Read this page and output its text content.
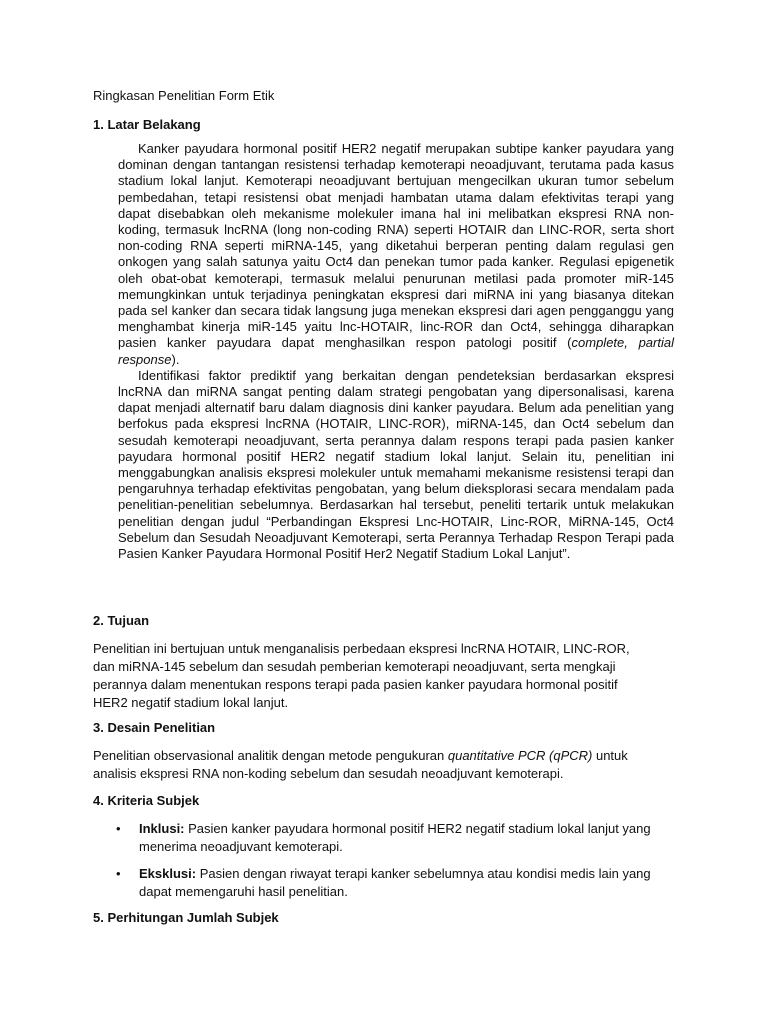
Ringkasan Penelitian Form Etik
1. Latar Belakang

Kanker payudara hormonal positif HER2 negatif merupakan subtipe kanker payudara yang dominan dengan tantangan resistensi terhadap kemoterapi neoadjuvant, terutama pada kasus stadium lokal lanjut. Kemoterapi neoadjuvant bertujuan mengecilkan ukuran tumor sebelum pembedahan, tetapi resistensi obat menjadi hambatan utama dalam efektivitas terapi yang dapat disebabkan oleh mekanisme molekuler imana hal ini melibatkan ekspresi RNA non-koding, termasuk lncRNA (long non-coding RNA) seperti HOTAIR dan LINC-ROR, serta short non-coding RNA seperti miRNA-145, yang diketahui berperan penting dalam regulasi gen onkogen yang salah satunya yaitu Oct4 dan penekan tumor pada kanker. Regulasi epigenetik oleh obat-obat kemoterapi, termasuk melalui penurunan metilasi pada promoter miR-145 memungkinkan untuk terjadinya peningkatan ekspresi dari miRNA ini yang biasanya ditekan pada sel kanker dan secara tidak langsung juga menekan ekspresi dari agen pengganggu yang menghambat kinerja miR-145 yaitu lnc-HOTAIR, linc-ROR dan Oct4, sehingga diharapkan pasien kanker payudara dapat menghasilkan respon patologi positif (complete, partial response).

Identifikasi faktor prediktif yang berkaitan dengan pendeteksian berdasarkan ekspresi lncRNA dan miRNA sangat penting dalam strategi pengobatan yang dipersonalisasi, karena dapat menjadi alternatif baru dalam diagnosis dini kanker payudara. Belum ada penelitian yang berfokus pada ekspresi lncRNA (HOTAIR, LINC-ROR), miRNA-145, dan Oct4 sebelum dan sesudah kemoterapi neoadjuvant, serta perannya dalam respons terapi pada pasien kanker payudara hormonal positif HER2 negatif stadium lokal lanjut. Selain itu, penelitian ini menggabungkan analisis ekspresi molekuler untuk memahami mekanisme resistensi terapi dan pengaruhnya terhadap efektivitas pengobatan, yang belum dieksplorasi secara mendalam pada penelitian-penelitian sebelumnya. Berdasarkan hal tersebut, peneliti tertarik untuk melakukan penelitian dengan judul “Perbandingan Ekspresi Lnc-HOTAIR, Linc-ROR, MiRNA-145, Oct4 Sebelum dan Sesudah Neoadjuvant Kemoterapi, serta Perannya Terhadap Respon Terapi pada Pasien Kanker Payudara Hormonal Positif Her2 Negatif Stadium Lokal Lanjut”.

2. Tujuan
Penelitian ini bertujuan untuk menganalisis perbedaan ekspresi lncRNA HOTAIR, LINC-ROR, dan miRNA-145 sebelum dan sesudah pemberian kemoterapi neoadjuvant, serta mengkaji perannya dalam menentukan respons terapi pada pasien kanker payudara hormonal positif HER2 negatif stadium lokal lanjut.
3. Desain Penelitian
Penelitian observasional analitik dengan metode pengukuran quantitative PCR (qPCR) untuk analisis ekspresi RNA non-koding sebelum dan sesudah neoadjuvant kemoterapi.
4. Kriteria Subjek
•	Inklusi: Pasien kanker payudara hormonal positif HER2 negatif stadium lokal lanjut yang menerima neoadjuvant kemoterapi.
•	Eksklusi: Pasien dengan riwayat terapi kanker sebelumnya atau kondisi medis lain yang dapat memengaruhi hasil penelitian.
5. Perhitungan Jumlah Subjek
